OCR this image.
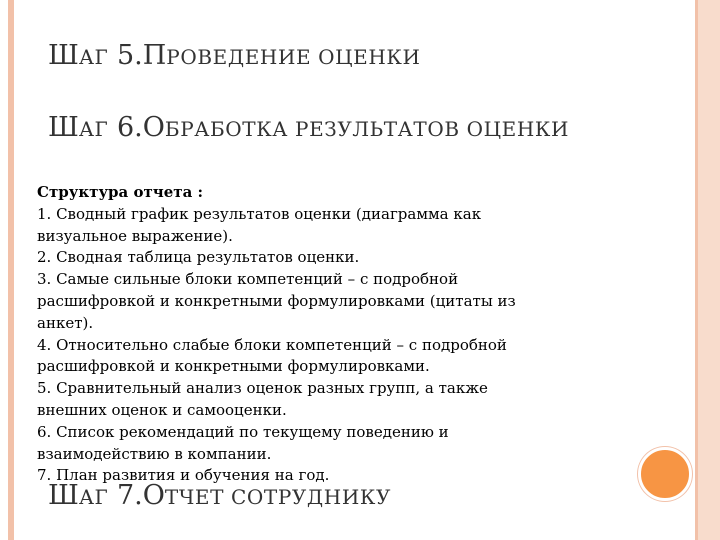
ШАГ 5.ПРОВЕДЕНИЕ ОЦЕНКИ
ШАГ 6.ОБРАБОТКА РЕЗУЛЬТАТОВ ОЦЕНКИ
Структура отчета :
1. Сводный график результатов оценки (диаграмма как
визуальное выражение).
2. Сводная таблица результатов оценки.
3. Самые сильные блоки компетенций – с подробной
расшифровкой и конкретными формулировками (цитаты из
анкет).
4. Относительно слабые блоки компетенций – с подробной
расшифровкой и конкретными формулировками.
5. Сравнительный анализ оценок разных групп, а также
внешних оценок и самооценки.
6. Список рекомендаций по текущему поведению и
взаимодействию в компании.
7. План развития и обучения на год.
ШАГ 7.ОТЧЕТ СОТРУДНИКУ
